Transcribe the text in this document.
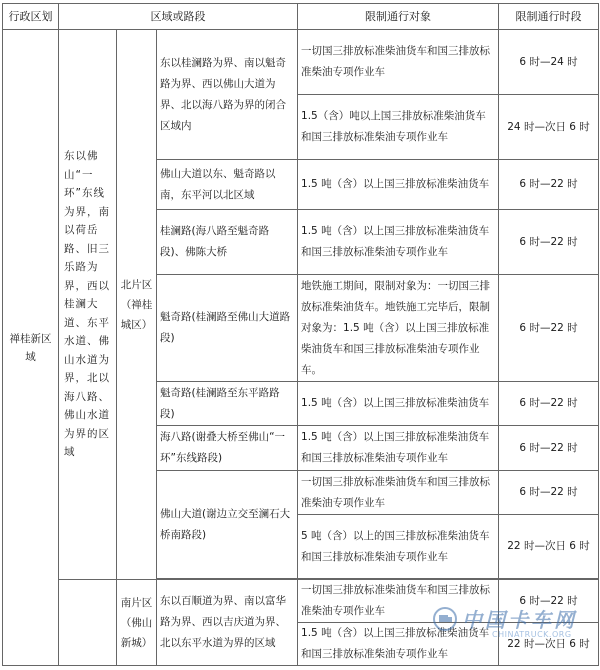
行政区划	区域或路段			限制通行对象	限制通行时段
禅桂新区域	东以佛山“一环”东线为界，南以荷岳路、旧三乐路为界，西以桂澜大道、东平水道、佛山水道为界，北以海八路、佛山水道为界的区域	北片区（禅桂城区）	东以桂澜路为界、南以魁奇路为界、西以佛山大道为界、北以海八路为界的闭合区域内	一切国三排放标准柴油货车和国三排放标准柴油专项作业车	6 时—24 时
				1.5（含）吨以上国三排放标准柴油货车和国三排放标准柴油专项作业车	24 时—次日 6 时
			佛山大道以东、魁奇路以南，东平河以北区域	1.5 吨（含）以上国三排放标准柴油货车	6 时—22 时
			桂澜路(海八路至魁奇路段)、佛陈大桥	1.5 吨（含）以上国三排放标准柴油货车和国三排放标准柴油专项作业车	6 时—22 时
			魁奇路(桂澜路至佛山大道路段)	地铁施工期间，限制对象为：一切国三排放标准柴油货车。地铁施工完毕后，限制对象为：1.5 吨（含）以上国三排放标准柴油货车和国三排放标准柴油专项作业车。	6 时—22 时
			魁奇路(桂澜路至东平路路段)	1.5 吨（含）以上国三排放标准柴油货车	6 时—22 时
			海八路(谢叠大桥至佛山“一环”东线路段)	1.5 吨（含）以上国三排放标准柴油货车和国三排放标准柴油专项作业车	6 时—22 时
			佛山大道(谢边立交至澜石大桥南路段)	一切国三排放标准柴油货车和国三排放标准柴油专项作业车	6 时—22 时
				5 吨（含）以上的国三排放标准柴油货车和国三排放标准柴油专项作业车	22 时—次日 6 时

		南片区（佛山新城）	东以百顺道为界、南以富华路为界、西以吉庆道为界、北以东平水道为界的区域	一切国三排放标准柴油货车和国三排放标准柴油专项作业车	6 时—22 时
				1.5 吨（含）以上国三排放标准柴油货车和国三排放标准柴油专项作业车	22 时—次日 6 时
中国卡车网
CHINATRUCK.ORG
